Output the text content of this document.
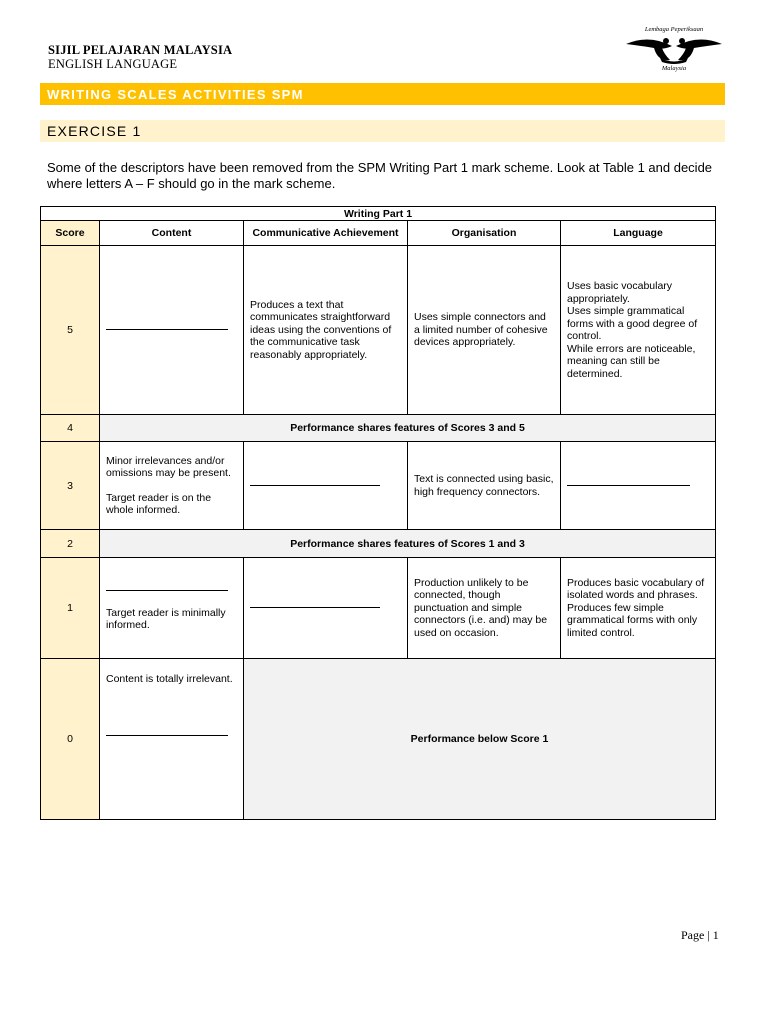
SIJIL PELAJARAN MALAYSIA
ENGLISH LANGUAGE
Lembaga Peperiksaan
Malaysia
WRITING SCALES ACTIVITIES SPM
EXERCISE 1
Some of the descriptors have been removed from the SPM Writing Part 1 mark scheme. Look at Table 1 and decide where letters A – F should go in the mark scheme.
Writing Part 1				
Score	Content	Communicative Achievement	Organisation	Language
5		Produces a text that communicates straightforward ideas using the conventions of the communicative task reasonably appropriately.	Uses simple connectors and a limited number of cohesive devices appropriately.	Uses basic vocabulary appropriately.
Uses simple grammatical forms with a good degree of control.
While errors are noticeable, meaning can still be determined.
4	Performance shares features of Scores 3 and 5			
3	Minor irrelevances and/or omissions may be present.
Target reader is on the whole informed.		Text is connected using basic, high frequency connectors.	
2	Performance shares features of Scores 1 and 3			
1	Target reader is minimally informed.		Production unlikely to be connected, though punctuation and simple connectors (i.e. and) may be used on occasion.	Produces basic vocabulary of isolated words and phrases.
Produces few simple grammatical forms with only limited control.
0	Content is totally irrelevant.	Performance below Score 1		
Page | 1
